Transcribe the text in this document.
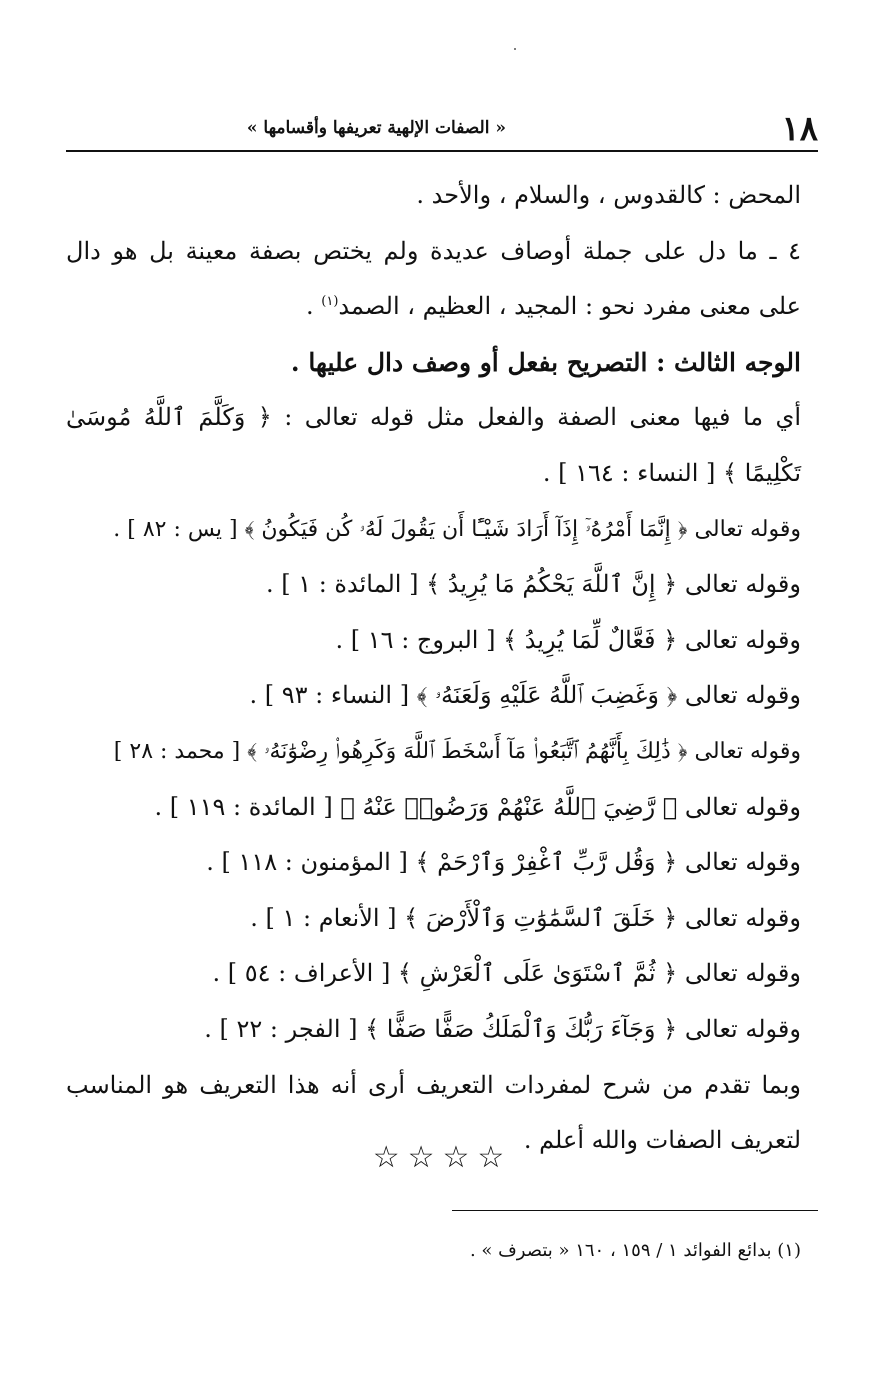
١٨
« الصفات الإلهية تعريفها وأقسامها »
المحض : كالقدوس ، والسلام ، والأحد .
٤ ـ ما دل على جملة أوصاف عديدة ولم يختص بصفة معينة بل هو دال
على معنى مفرد نحو : المجيد ، العظيم ، الصمد$^{(١)}$ .
الوجه الثالث : التصريح بفعل أو وصف دال عليها .
أي ما فيها معنى الصفة والفعل مثل قوله تعالى : ﴿ وَكَلَّمَ ٱللَّهُ مُوسَىٰ
تَكْلِيمًا ﴾ [ النساء : ١٦٤ ] .
وقوله تعالى ﴿ إِنَّمَا أَمْرُهُۥٓ إِذَآ أَرَادَ شَيْـًٔا أَن يَقُولَ لَهُۥ كُن فَيَكُونُ ﴾ [ يس : ٨٢ ] .
وقوله تعالى ﴿ إِنَّ ٱللَّهَ يَحْكُمُ مَا يُرِيدُ ﴾ [ المائدة : ١ ] .
وقوله تعالى ﴿ فَعَّالٌ لِّمَا يُرِيدُ ﴾ [ البروج : ١٦ ] .
وقوله تعالى ﴿ وَغَضِبَ ٱللَّهُ عَلَيْهِ وَلَعَنَهُۥ ﴾ [ النساء : ٩٣ ] .
وقوله تعالى ﴿ ذَٰلِكَ بِأَنَّهُمُ ٱتَّبَعُوا۟ مَآ أَسْخَطَ ٱللَّهَ وَكَرِهُوا۟ رِضْوَٰنَهُۥ ﴾ [ محمد : ٢٨ ]
وقوله تعالى ﴿ رَّضِيَ ٱللَّهُ عَنْهُمْ وَرَضُوا۟ عَنْهُ ﴾ [ المائدة : ١١٩ ] .
وقوله تعالى ﴿ وَقُل رَّبِّ ٱغْفِرْ وَٱرْحَمْ ﴾ [ المؤمنون : ١١٨ ] .
وقوله تعالى ﴿ خَلَقَ ٱلسَّمَٰوَٰتِ وَٱلْأَرْضَ ﴾ [ الأنعام : ١ ] .
وقوله تعالى ﴿ ثُمَّ ٱسْتَوَىٰ عَلَى ٱلْعَرْشِ ﴾ [ الأعراف : ٥٤ ] .
وقوله تعالى ﴿ وَجَآءَ رَبُّكَ وَٱلْمَلَكُ صَفًّا صَفًّا ﴾ [ الفجر : ٢٢ ] .
وبما تقدم من شرح لمفردات التعريف أرى أنه هذا التعريف هو المناسب
لتعريف الصفات والله أعلم .
☆☆☆☆
(١) بدائع الفوائد ١ / ١٥٩ ، ١٦٠ « بتصرف » .
